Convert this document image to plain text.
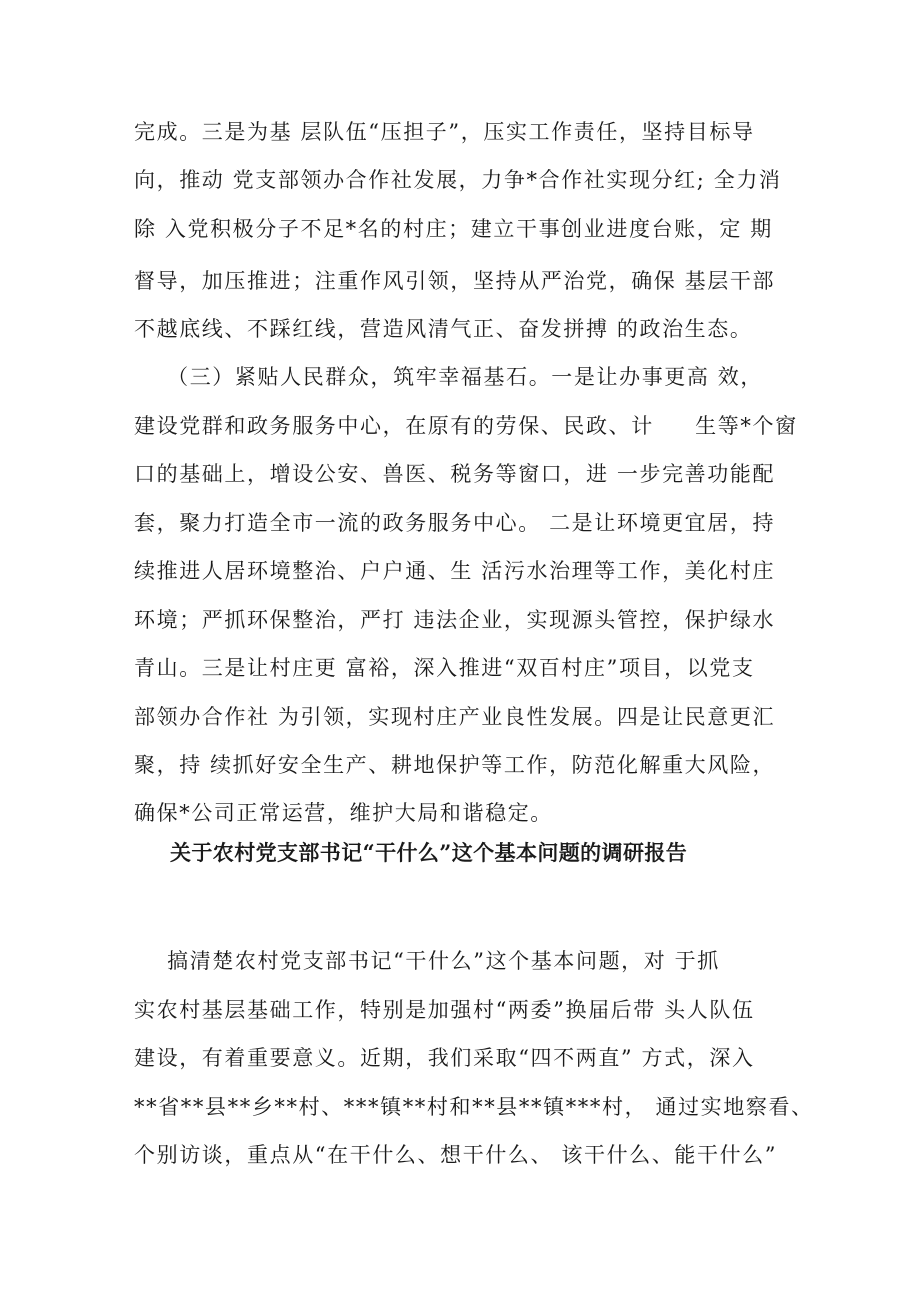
完成。三是为基 层队伍“压担子”，压实工作责任，坚持目标导
向，推动 党支部领办合作社发展，力争*合作社实现分红; 全力消
除 入党积极分子不足*名的村庄；建立干事创业进度台账，定 期
督导，加压推进；注重作风引领，坚持从严治党，确保 基层干部
不越底线、不踩红线，营造风清气正、奋发拼搏 的政治生态。
（三）紧贴人民群众，筑牢幸福基石。一是让办事更高 效，
建设党群和政务服务中心，在原有的劳保、民政、计     生等*个窗
口的基础上，增设公安、兽医、税务等窗口，进 一步完善功能配
套，聚力打造全市一流的政务服务中心。 二是让环境更宜居，持
续推进人居环境整治、户户通、生 活污水治理等工作，美化村庄
环境；严抓环保整治，严打 违法企业，实现源头管控，保护绿水
青山。三是让村庄更 富裕，深入推进“双百村庄”项目，以党支
部领办合作社 为引领，实现村庄产业良性发展。四是让民意更汇
聚，持 续抓好安全生产、耕地保护等工作，防范化解重大风险，
确保*公司正常运营，维护大局和谐稳定。
关于农村党支部书记“干什么”这个基本问题的调研报告
搞清楚农村党支部书记“干什么”这个基本问题，对 于抓
实农村基层基础工作，特别是加强村“两委”换届后带 头人队伍
建设，有着重要意义。近期，我们采取“四不两直” 方式，深入
**省**县**乡**村、***镇**村和**县**镇***村， 通过实地察看、
个别访谈，重点从“在干什么、想干什么、 该干什么、能干什么”
